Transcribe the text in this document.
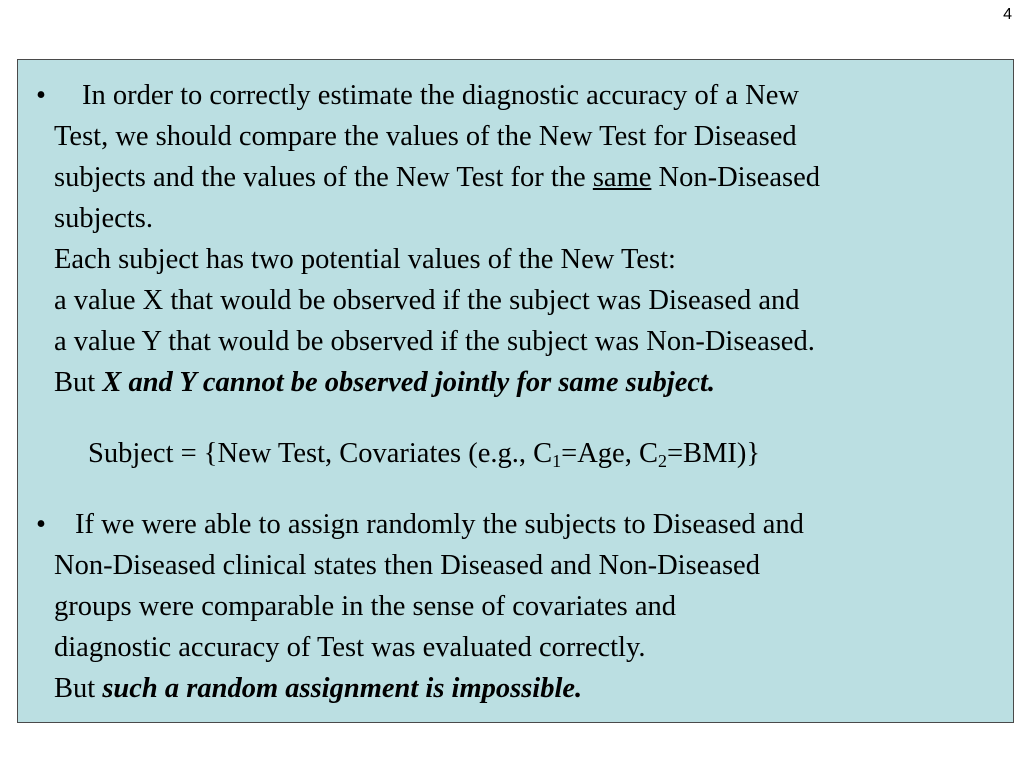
4
• In order to correctly estimate the diagnostic accuracy of a New
Test, we should compare the values of the New Test for Diseased
subjects and the values of the New Test for the same Non-Diseased
subjects.
Each subject has two potential values of the New Test:
a value X that would be observed if the subject was Diseased and
a value Y that would be observed if the subject was Non-Diseased.
But X and Y cannot be observed jointly for same subject.
Subject = {New Test, Covariates (e.g., $C_1=Age$, $C_2=BMI$)}
• If we were able to assign randomly the subjects to Diseased and
Non-Diseased clinical states then Diseased and Non-Diseased
groups were comparable in the sense of covariates and
diagnostic accuracy of Test was evaluated correctly.
But such a random assignment is impossible.
